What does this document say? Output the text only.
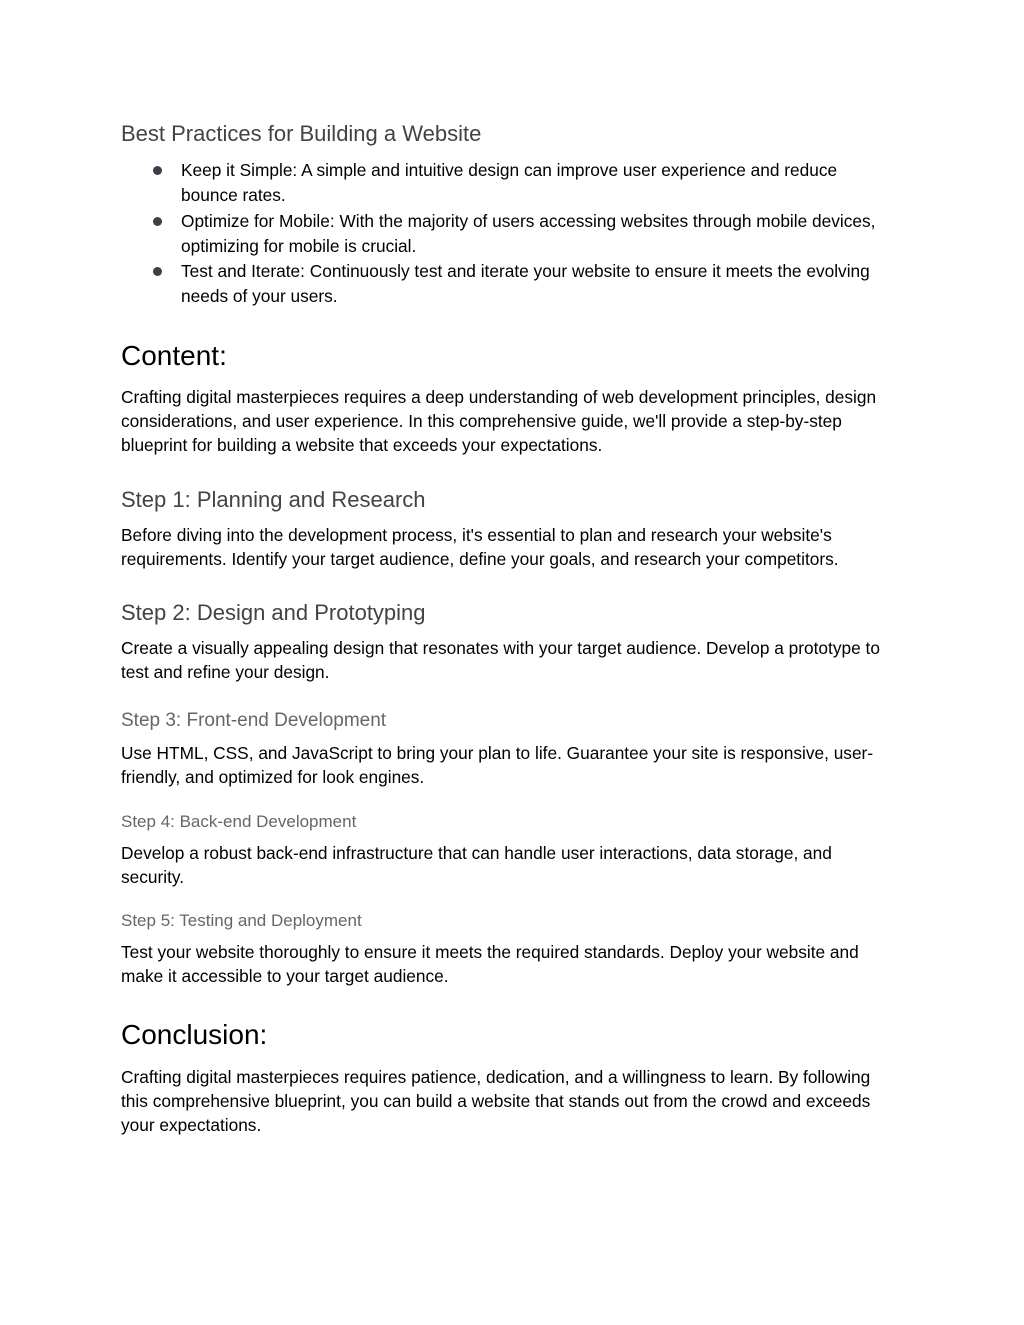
Best Practices for Building a Website
Keep it Simple: A simple and intuitive design can improve user experience and reduce bounce rates.
Optimize for Mobile: With the majority of users accessing websites through mobile devices, optimizing for mobile is crucial.
Test and Iterate: Continuously test and iterate your website to ensure it meets the evolving needs of your users.
Content:

Crafting digital masterpieces requires a deep understanding of web development principles, design considerations, and user experience. In this comprehensive guide, we'll provide a step-by-step blueprint for building a website that exceeds your expectations.

Step 1: Planning and Research

Before diving into the development process, it's essential to plan and research your website's requirements. Identify your target audience, define your goals, and research your competitors.

Step 2: Design and Prototyping

Create a visually appealing design that resonates with your target audience. Develop a prototype to test and refine your design.

Step 3: Front-end Development

Use HTML, CSS, and JavaScript to bring your plan to life. Guarantee your site is responsive, user-friendly, and optimized for look engines.

Step 4: Back-end Development

Develop a robust back-end infrastructure that can handle user interactions, data storage, and security.

Step 5: Testing and Deployment

Test your website thoroughly to ensure it meets the required standards. Deploy your website and make it accessible to your target audience.

Conclusion:

Crafting digital masterpieces requires patience, dedication, and a willingness to learn. By following this comprehensive blueprint, you can build a website that stands out from the crowd and exceeds your expectations.
